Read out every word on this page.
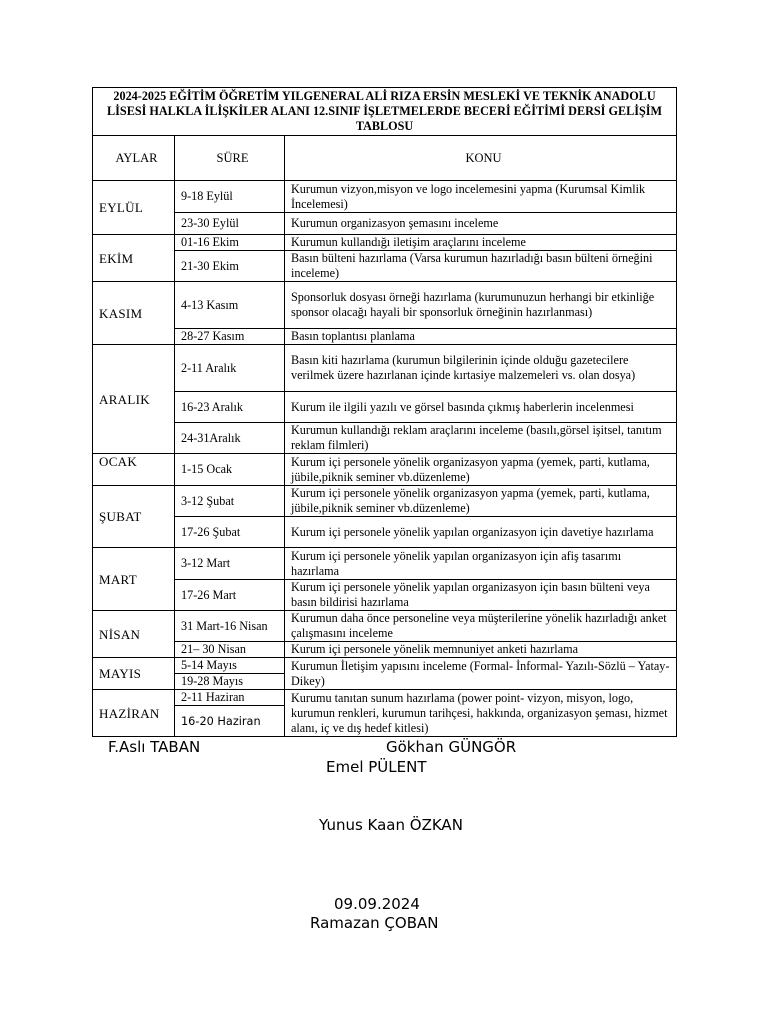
2024-2025 EĞİTİM ÖĞRETİM YILGENERAL ALİ RIZA ERSİN MESLEKİ VE TEKNİK ANADOLU LİSESİ HALKLA İLİŞKİLER ALANI 12.SINIF İŞLETMELERDE BECERİ EĞİTİMİ DERSİ GELİŞİM TABLOSU		
AYLAR	SÜRE	KONU
EYLÜL	9-18 Eylül	Kurumun vizyon,misyon ve logo incelemesini yapma (Kurumsal Kimlik İncelemesi)
	23-30 Eylül	Kurumun organizasyon şemasını inceleme
EKİM	01-16 Ekim	Kurumun kullandığı iletişim araçlarını inceleme
	21-30 Ekim	Basın bülteni hazırlama (Varsa kurumun hazırladığı basın bülteni örneğini inceleme)
KASIM	4-13 Kasım	Sponsorluk dosyası örneği hazırlama (kurumunuzun herhangi bir etkinliğe sponsor olacağı hayali bir sponsorluk örneğinin hazırlanması)
	28-27 Kasım	Basın toplantısı planlama
ARALIK	2-11 Aralık	Basın kiti hazırlama (kurumun bilgilerinin içinde olduğu gazetecilere verilmek üzere hazırlanan içinde kırtasiye malzemeleri vs. olan dosya)
	16-23 Aralık	Kurum ile ilgili yazılı ve görsel basında çıkmış haberlerin incelenmesi
	24-31Aralık	Kurumun kullandığı reklam araçlarını inceleme (basılı,görsel işitsel, tanıtım reklam filmleri)
OCAK	1-15 Ocak	Kurum içi personele yönelik organizasyon yapma (yemek, parti, kutlama, jübile,piknik seminer vb.düzenleme)
ŞUBAT	3-12 Şubat	Kurum içi personele yönelik organizasyon yapma (yemek, parti, kutlama, jübile,piknik seminer vb.düzenleme)
	17-26 Şubat	Kurum içi personele yönelik yapılan organizasyon için davetiye hazırlama
MART	3-12 Mart	Kurum içi personele yönelik yapılan organizasyon için afiş tasarımı hazırlama
	17-26 Mart	Kurum içi personele yönelik yapılan organizasyon için basın bülteni veya basın bildirisi hazırlama
NİSAN	31 Mart-16 Nisan	Kurumun daha önce personeline veya müşterilerine yönelik hazırladığı anket çalışmasını inceleme
	21– 30 Nisan	Kurum içi personele yönelik memnuniyet anketi hazırlama
MAYIS	5-14 Mayıs	Kurumun İletişim yapısını inceleme (Formal- İnformal- Yazılı-Sözlü – Yatay- Dikey)
	19-28 Mayıs	
HAZİRAN	2-11 Haziran	Kurumu tanıtan sunum hazırlama (power point- vizyon, misyon, logo, kurumun renkleri, kurumun tarihçesi, hakkında, organizasyon şeması, hizmet alanı, iç ve dış hedef kitlesi)
	16-20 Haziran	
F.Aslı TABAN	Gökhan GÜNGÖR
Emel PÜLENT
Yunus Kaan ÖZKAN
09.09.2024
Ramazan ÇOBAN
